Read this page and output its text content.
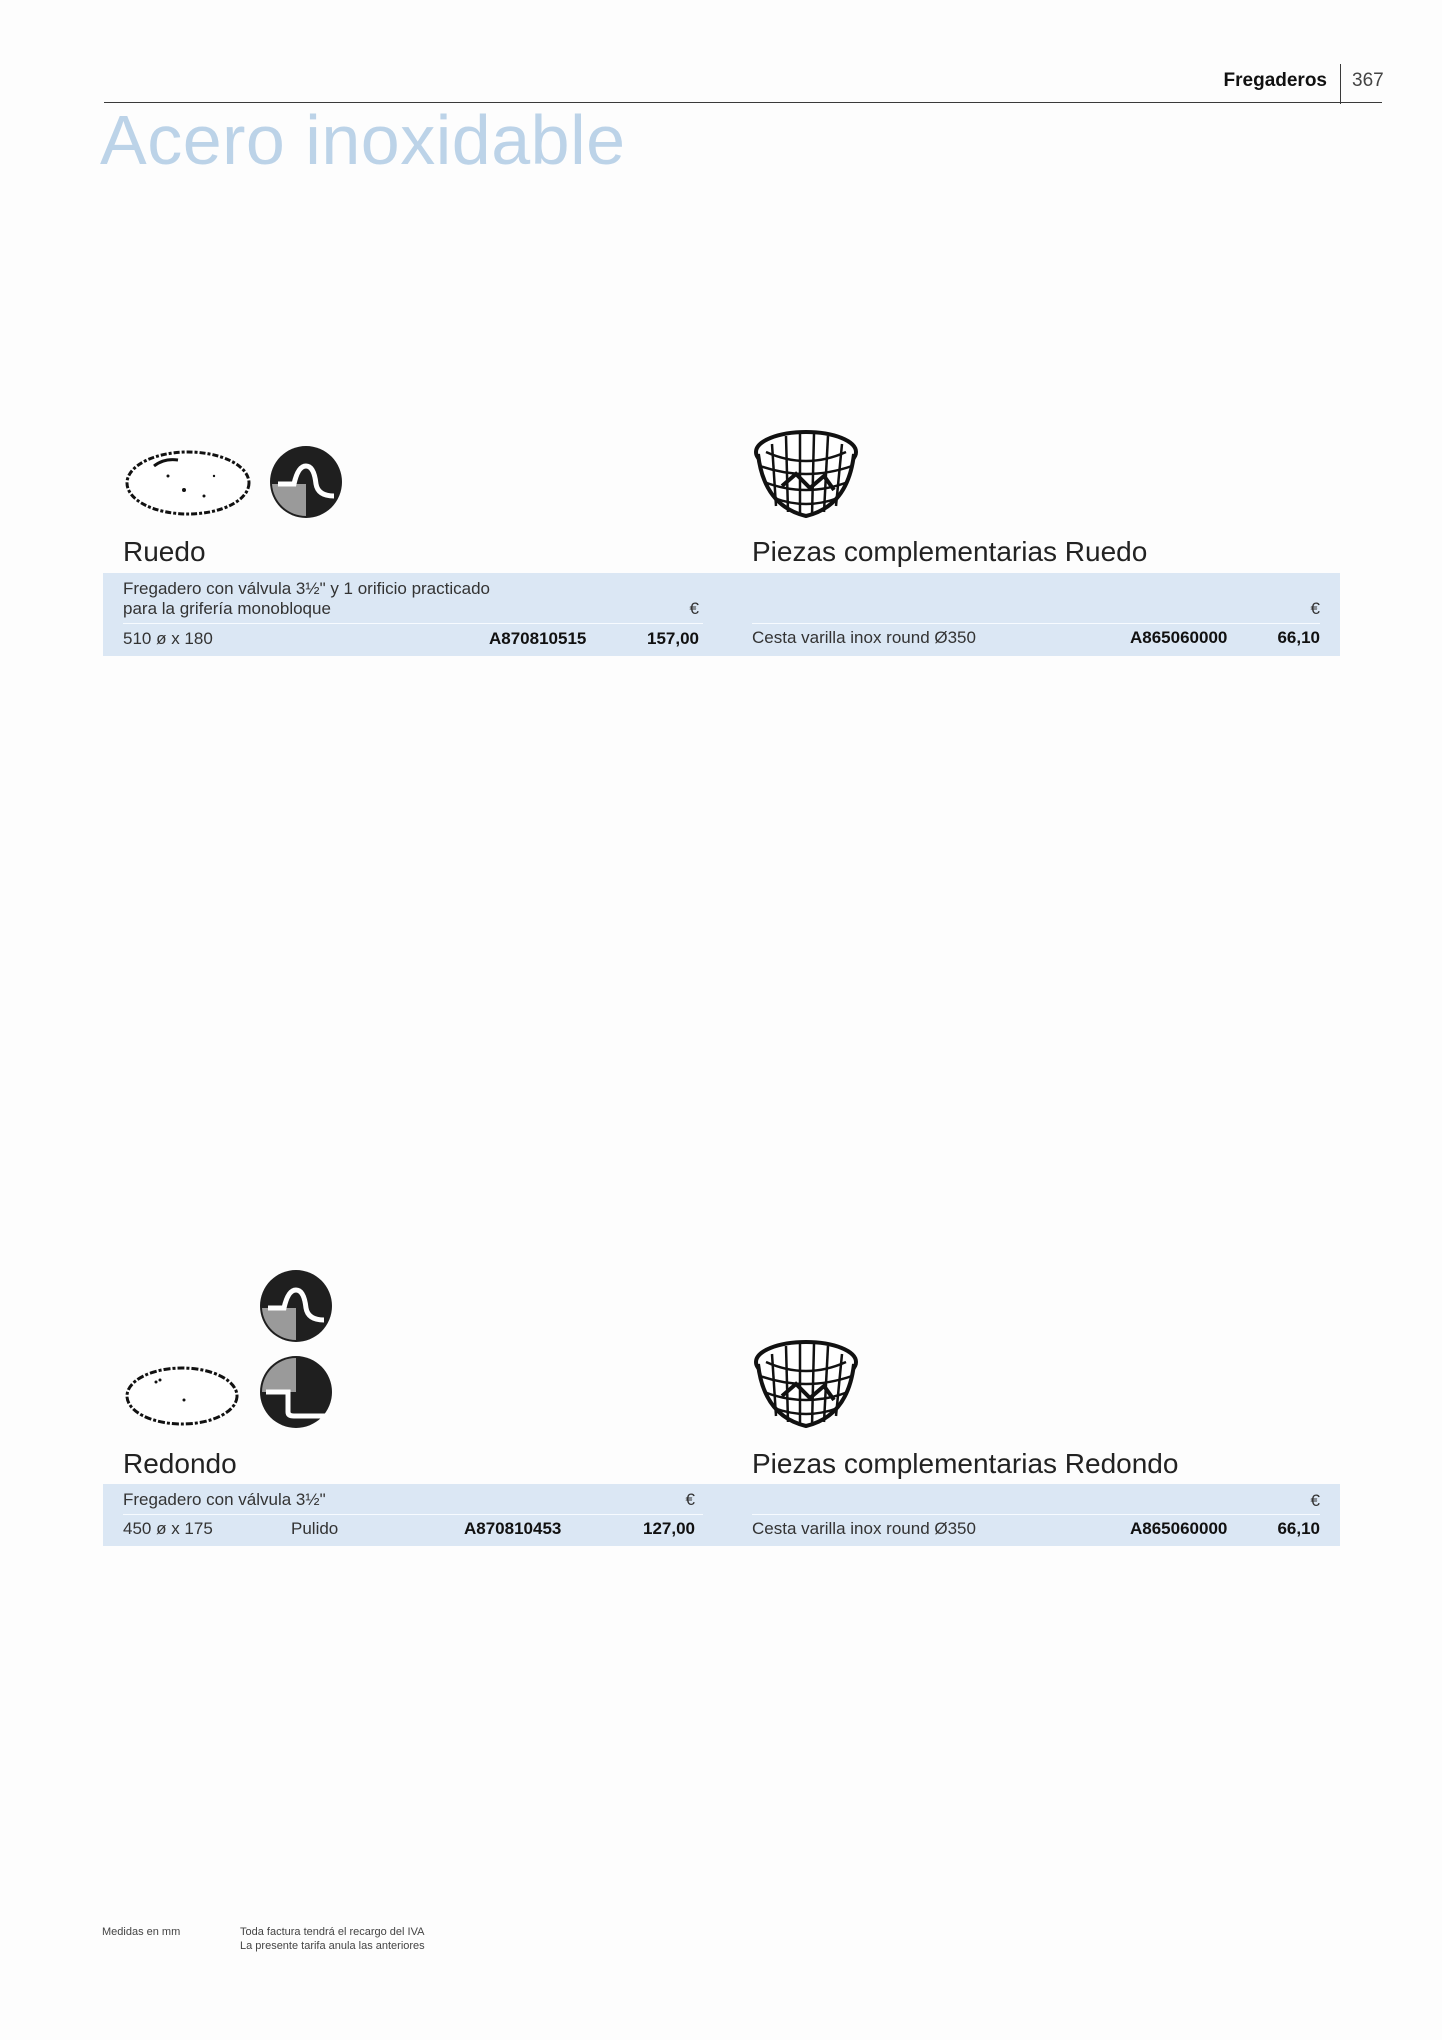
Fregaderos 367
Acero inoxidable
Ruedo
Fregadero con válvula 3½" y 1 orificio practicado
para la grifería monobloque	€
510 ø x 180	A870810515	157,00
Piezas complementarias Ruedo
€
Cesta varilla inox round Ø350	A865060000	66,10
Redondo
Fregadero con válvula 3½"	€
450 ø x 175	Pulido	A870810453	127,00
Piezas complementarias Redondo
€
Cesta varilla inox round Ø350	A865060000	66,10
Medidas en mm	Toda factura tendrá el recargo del IVA
La presente tarifa anula las anteriores
